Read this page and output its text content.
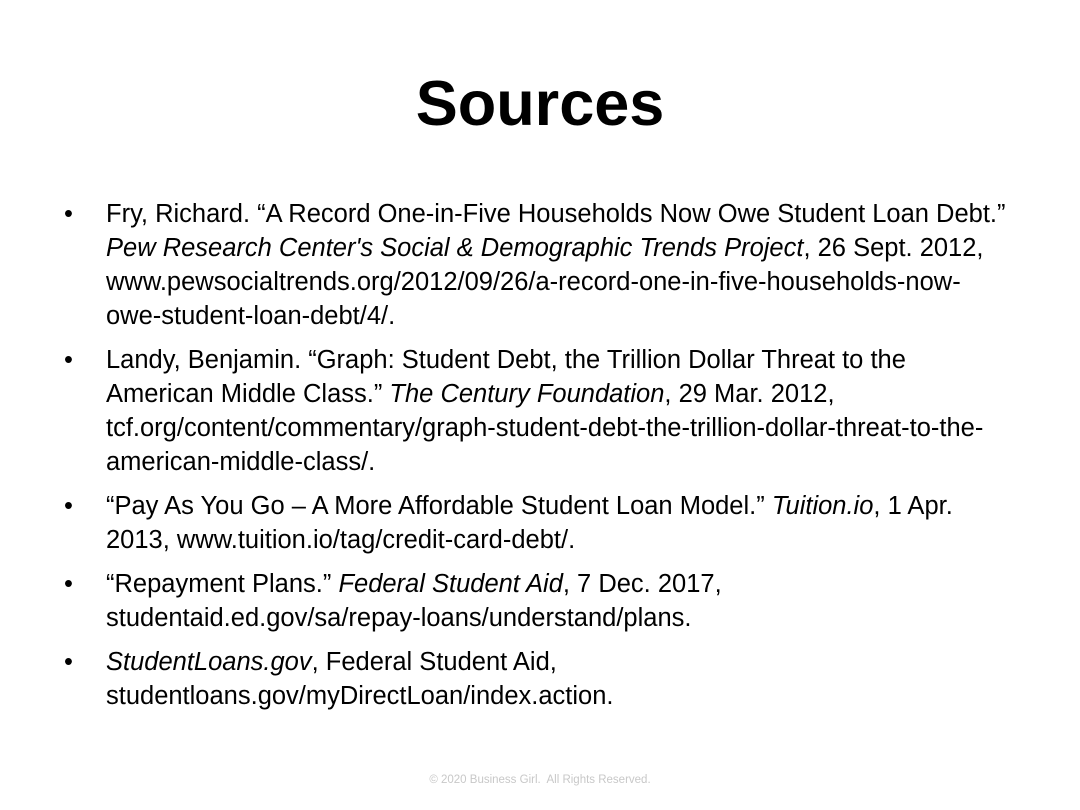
Sources
• Fry, Richard. “A Record One-in-Five Households Now Owe Student Loan Debt.” Pew Research Center's Social & Demographic Trends Project, 26 Sept. 2012, www.pewsocialtrends.org/2012/09/26/a-record-one-in-five-households-now-owe-student-loan-debt/4/.
• Landy, Benjamin. “Graph: Student Debt, the Trillion Dollar Threat to the American Middle Class.” The Century Foundation, 29 Mar. 2012, tcf.org/content/commentary/graph-student-debt-the-trillion-dollar-threat-to-the-american-middle-class/.
• “Pay As You Go – A More Affordable Student Loan Model.” Tuition.io, 1 Apr. 2013, www.tuition.io/tag/credit-card-debt/.
• “Repayment Plans.” Federal Student Aid, 7 Dec. 2017, studentaid.ed.gov/sa/repay-loans/understand/plans.
• StudentLoans.gov, Federal Student Aid, studentloans.gov/myDirectLoan/index.action.
© 2020 Business Girl.  All Rights Reserved.
